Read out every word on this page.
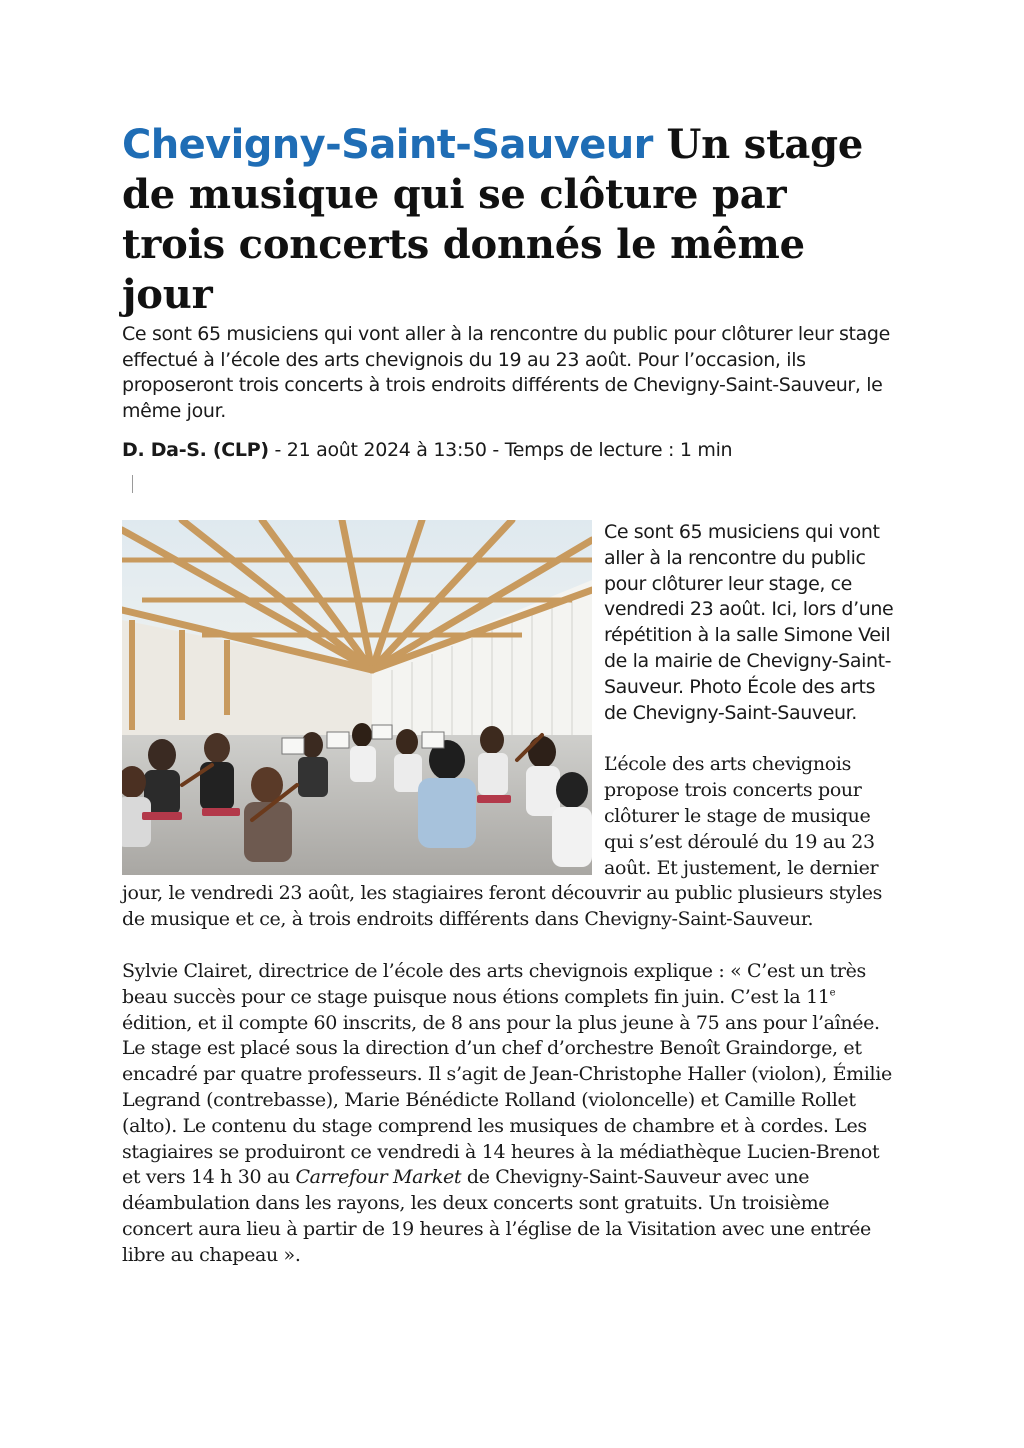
Chevigny-Saint-Sauveur Un stage de musique qui se clôture par trois concerts donnés le même jour

Ce sont 65 musiciens qui vont aller à la rencontre du public pour clôturer leur stage effectué à l’école des arts chevignois du 19 au 23 août. Pour l’occasion, ils proposeront trois concerts à trois endroits différents de Chevigny-Saint-Sauveur, le même jour.

D. Da-S. (CLP) - 21 août 2024 à 13:50 - Temps de lecture : 1 min
Ce sont 65 musiciens qui vont aller à la rencontre du public pour clôturer leur stage, ce vendredi 23 août. Ici, lors d’une répétition à la salle Simone Veil de la mairie de Chevigny-Saint-Sauveur. Photo École des arts de Chevigny-Saint-Sauveur.

L’école des arts chevignois propose trois concerts pour clôturer le stage de musique qui s’est déroulé du 19 au 23 août. Et justement, le dernier jour, le vendredi 23 août, les stagiaires feront découvrir au public plusieurs styles de musique et ce, à trois endroits différents dans Chevigny-Saint-Sauveur.

Sylvie Clairet, directrice de l’école des arts chevignois explique : « C’est un très beau succès pour ce stage puisque nous étions complets fin juin. C’est la 11e édition, et il compte 60 inscrits, de 8 ans pour la plus jeune à 75 ans pour l’aînée. Le stage est placé sous la direction d’un chef d’orchestre Benoît Graindorge, et encadré par quatre professeurs. Il s’agit de Jean-Christophe Haller (violon), Émilie Legrand (contrebasse), Marie Bénédicte Rolland (violoncelle) et Camille Rollet (alto). Le contenu du stage comprend les musiques de chambre et à cordes. Les stagiaires se produiront ce vendredi à 14 heures à la médiathèque Lucien-Brenot et vers 14 h 30 au Carrefour Market de Chevigny-Saint-Sauveur avec une déambulation dans les rayons, les deux concerts sont gratuits. Un troisième concert aura lieu à partir de 19 heures à l’église de la Visitation avec une entrée libre au chapeau ».
